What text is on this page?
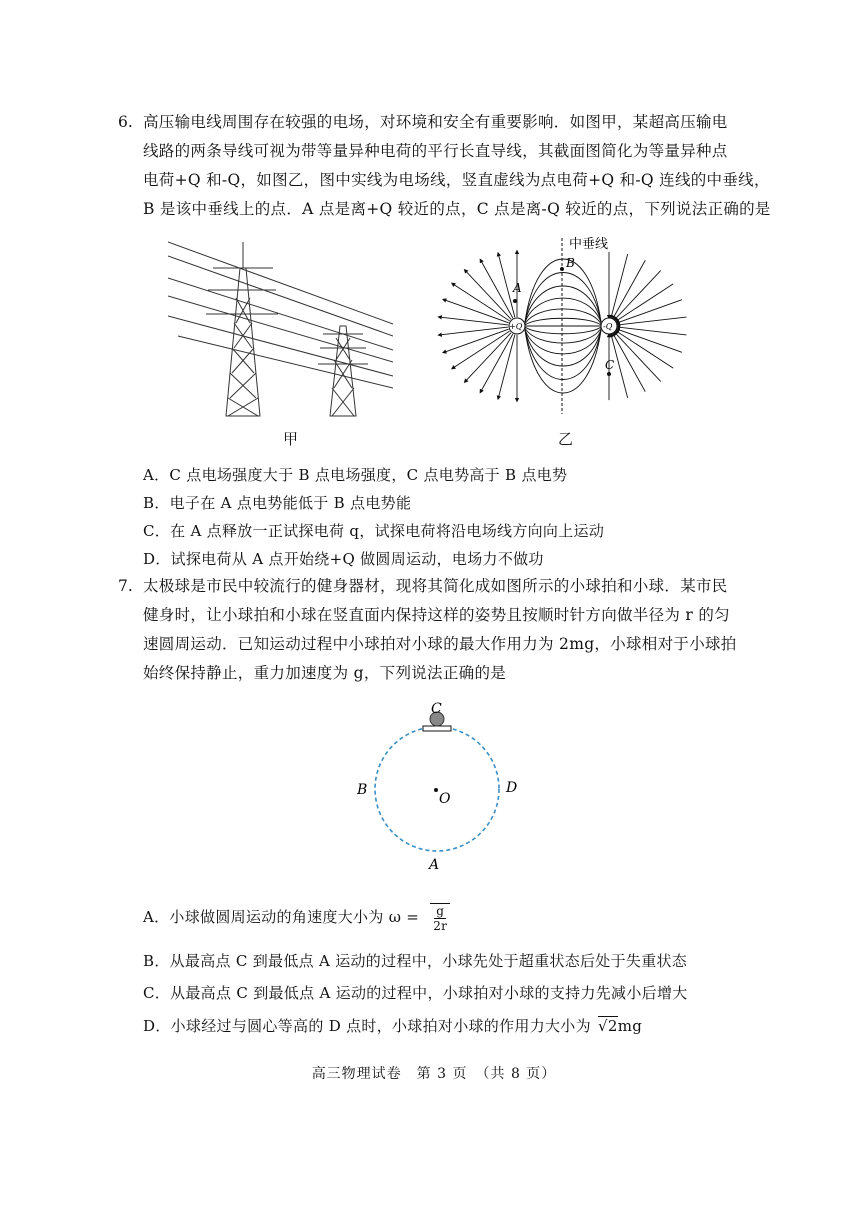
6. 高压输电线周围存在较强的电场，对环境和安全有重要影响．如图甲，某超高压输电
线路的两条导线可视为带等量异种电荷的平行长直导线，其截面图简化为等量异种点
电荷+Q 和-Q，如图乙，图中实线为电场线，竖直虚线为点电荷+Q 和-Q 连线的中垂线，
B 是该中垂线上的点．A 点是离+Q 较近的点，C 点是离-Q 较近的点，下列说法正确的是
甲
+Q	-Q
中垂线
B
A
C
乙
A．C 点电场强度大于 B 点电场强度，C 点电势高于 B 点电势
B．电子在 A 点电势能低于 B 点电势能
C．在 A 点释放一正试探电荷 q，试探电荷将沿电场线方向向上运动
D．试探电荷从 A 点开始绕+Q 做圆周运动，电场力不做功
7. 太极球是市民中较流行的健身器材，现将其简化成如图所示的小球拍和小球．某市民
健身时，让小球拍和小球在竖直面内保持这样的姿势且按顺时针方向做半径为 r 的匀
速圆周运动．已知运动过程中小球拍对小球的最大作用力为 2mg，小球相对于小球拍
始终保持静止，重力加速度为 g，下列说法正确的是
C
B	D
A
O
A．小球做圆周运动的角速度大小为 $\omega = \frac{g}{2r}$
B．从最高点 C 到最低点 A 运动的过程中，小球先处于超重状态后处于失重状态
C．从最高点 C 到最低点 A 运动的过程中，小球拍对小球的支持力先减小后增大
D．小球经过与圆心等高的 D 点时，小球拍对小球的作用力大小为 √2mg
高三物理试卷　第 3 页　（共 8 页）
